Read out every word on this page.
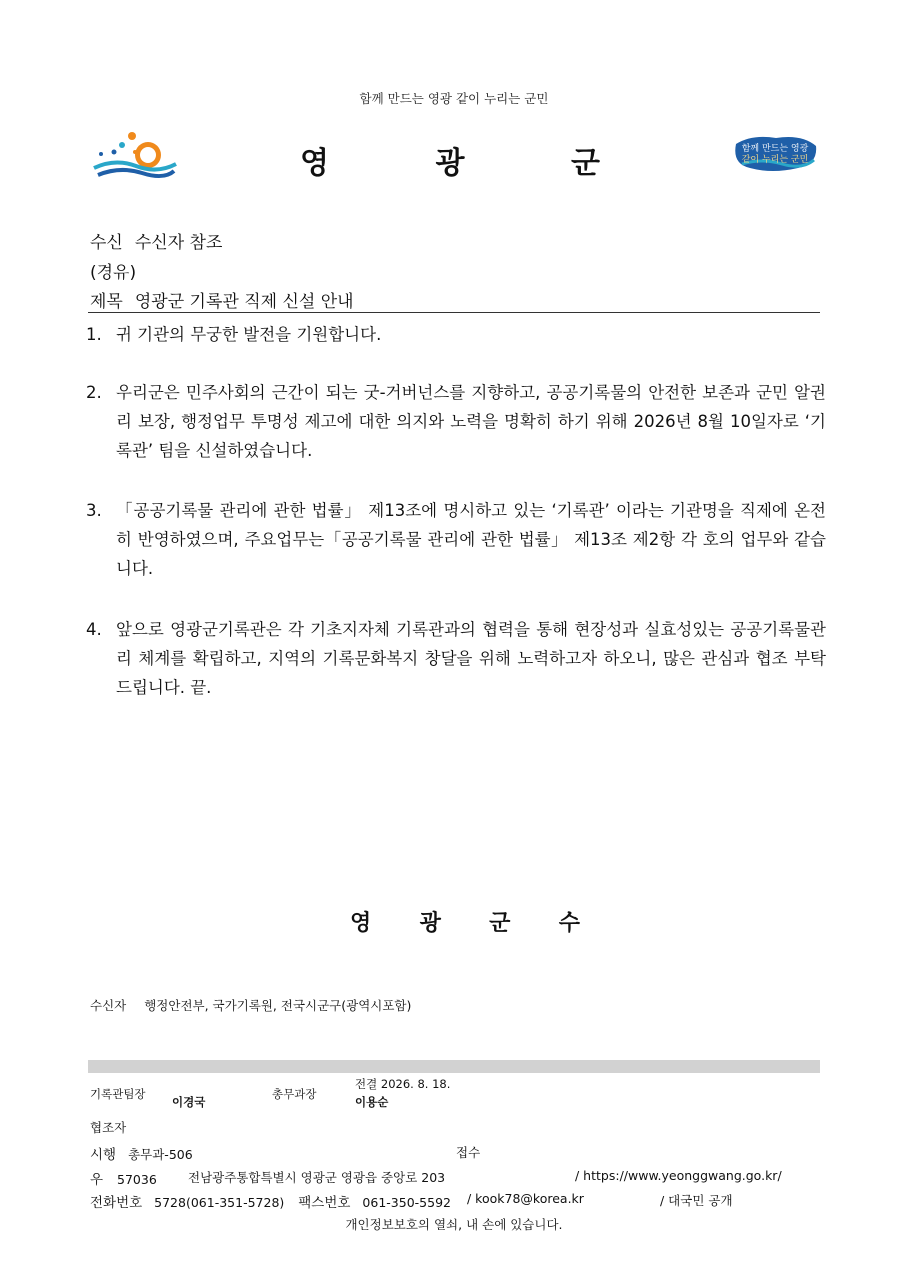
함께 만드는 영광 같이 누리는 군민
영	광	군	함께 만드는 영광
같이 누리는 군민
수신 수신자 참조
(경유)
제목 영광군 기록관 직제 신설 안내
1. 귀 기관의 무궁한 발전을 기원합니다.
2. 우리군은 민주사회의 근간이 되는 굿-거버넌스를 지향하고, 공공기록물의 안전한 보존과 군민 알권리 보장, 행정업무 투명성 제고에 대한 의지와 노력을 명확히 하기 위해 2026년 8월 10일자로 ‘기록관’ 팀을 신설하였습니다.
3. 「공공기록물 관리에 관한 법률」 제13조에 명시하고 있는 ‘기록관’ 이라는 기관명을 직제에 온전히 반영하였으며, 주요업무는「공공기록물 관리에 관한 법률」 제13조 제2항 각 호의 업무와 같습니다.
4. 앞으로 영광군기록관은 각 기초지자체 기록관과의 협력을 통해 현장성과 실효성있는 공공기록물관리 체계를 확립하고, 지역의 기록문화복지 창달을 위해 노력하고자 하오니, 많은 관심과 협조 부탁드립니다. 끝.
영 광 군 수
수신자 행정안전부, 국가기록원, 전국시군구(광역시포함)
기록관팀장
이경국
총무과장
전결 2026. 8. 18.
이용순
협조자
시행 총무과-506	접수
우 57036 전남광주통합특별시 영광군 영광읍 중앙로 203	/ https://www.yeonggwang.go.kr/
전화번호 5728(061-351-5728) 팩스번호 061-350-5592 / kook78@korea.kr	/ 대국민 공개
개인정보보호의 열쇠, 내 손에 있습니다.
